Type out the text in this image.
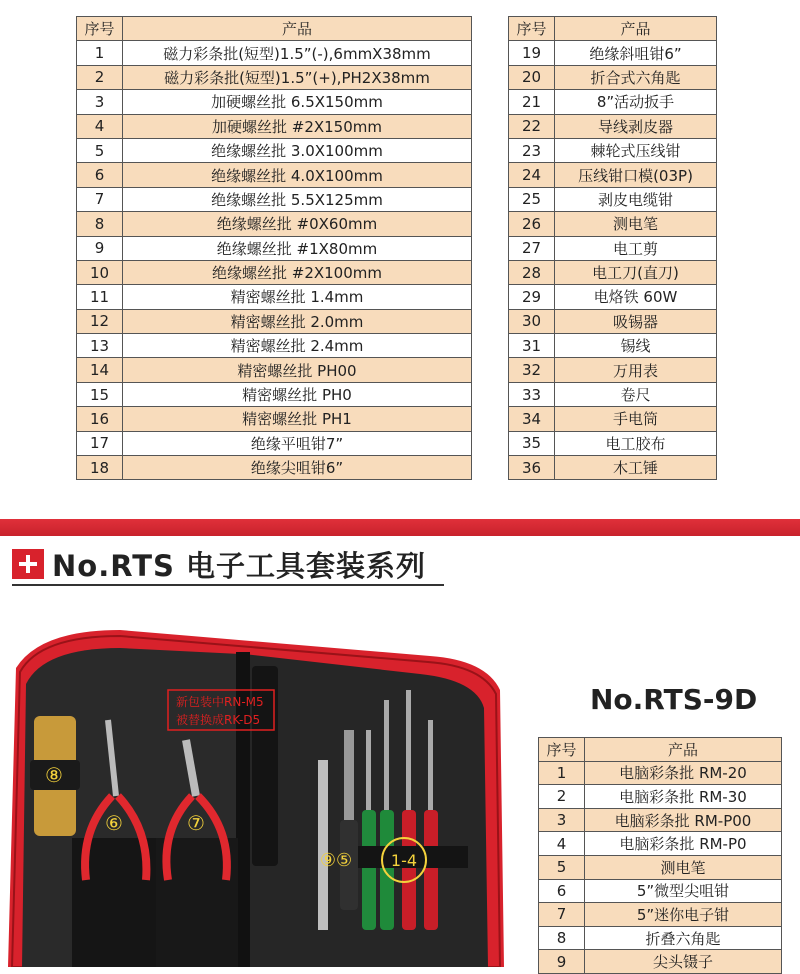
序号	产品
1	磁力彩条批(短型)1.5”(-),6mmX38mm
2	磁力彩条批(短型)1.5”(+),PH2X38mm
3	加硬螺丝批 6.5X150mm
4	加硬螺丝批 #2X150mm
5	绝缘螺丝批 3.0X100mm
6	绝缘螺丝批 4.0X100mm
7	绝缘螺丝批 5.5X125mm
8	绝缘螺丝批 #0X60mm
9	绝缘螺丝批 #1X80mm
10	绝缘螺丝批 #2X100mm
11	精密螺丝批 1.4mm
12	精密螺丝批 2.0mm
13	精密螺丝批 2.4mm
14	精密螺丝批 PH00
15	精密螺丝批 PH0
16	精密螺丝批 PH1
17	绝缘平咀钳7”
18	绝缘尖咀钳6”
序号	产品
19	绝缘斜咀钳6”
20	折合式六角匙
21	8”活动扳手
22	导线剥皮器
23	棘轮式压线钳
24	压线钳口模(03P)
25	剥皮电缆钳
26	测电笔
27	电工剪
28	电工刀(直刀)
29	电烙铁 60W
30	吸锡器
31	锡线
32	万用表
33	卷尺
34	手电筒
35	电工胶布
36	木工锤
No.RTS 电子工具套装系列
⑧
⑥	⑦
新包装中RN-M5
被替换成RK-D5
⑨⑤ 1-4
No.RTS-9D
序号	产品
1	电脑彩条批 RM-20
2	电脑彩条批 RM-30
3	电脑彩条批 RM-P00
4	电脑彩条批 RM-P0
5	测电笔
6	5”微型尖咀钳
7	5”迷你电子钳
8	折叠六角匙
9	尖头镊子
